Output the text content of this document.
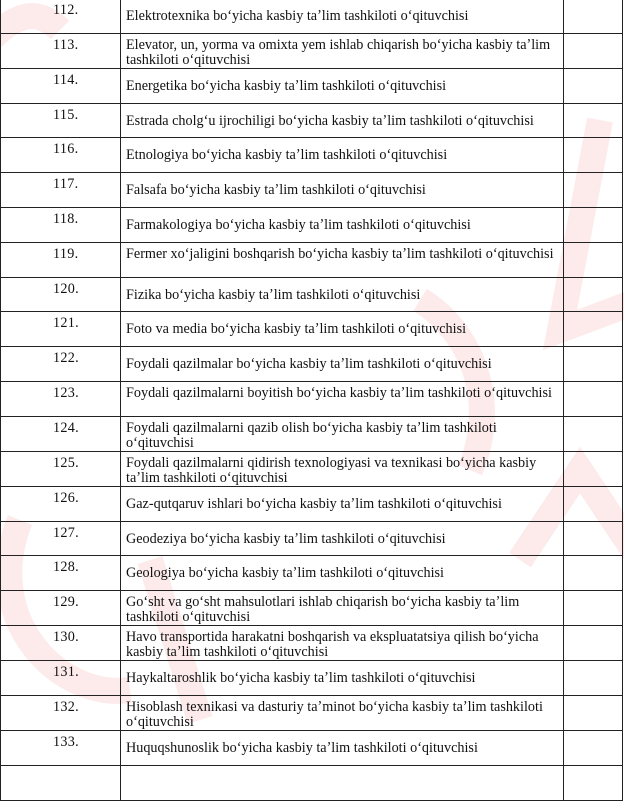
112.	Elektrotexnika boʻyicha kasbiy taʼlim tashkiloti oʻqituvchisi	

113.	Elevator, un, yorma va omixta yem ishlab chiqarish boʻyicha kasbiy taʼlim tashkiloti oʻqituvchisi	

114.	Energetika boʻyicha kasbiy taʼlim tashkiloti oʻqituvchisi	

115.	Estrada cholgʻu ijrochiligi boʻyicha kasbiy taʼlim tashkiloti oʻqituvchisi	

116.	Etnologiya boʻyicha kasbiy taʼlim tashkiloti oʻqituvchisi	

117.	Falsafa boʻyicha kasbiy taʼlim tashkiloti oʻqituvchisi	

118.	Farmakologiya boʻyicha kasbiy taʼlim tashkiloti oʻqituvchisi	

119.	Fermer xoʻjaligini boshqarish boʻyicha kasbiy taʼlim tashkiloti oʻqituvchisi	

120.	Fizika boʻyicha kasbiy taʼlim tashkiloti oʻqituvchisi	

121.	Foto va media boʻyicha kasbiy taʼlim tashkiloti oʻqituvchisi	

122.	Foydali qazilmalar boʻyicha kasbiy taʼlim tashkiloti oʻqituvchisi	

123.	Foydali qazilmalarni boyitish boʻyicha kasbiy taʼlim tashkiloti oʻqituvchisi	

124.	Foydali qazilmalarni qazib olish boʻyicha kasbiy taʼlim tashkiloti oʻqituvchisi	

125.	Foydali qazilmalarni qidirish texnologiyasi va texnikasi boʻyicha kasbiy taʼlim tashkiloti oʻqituvchisi	

126.	Gaz-qutqaruv ishlari boʻyicha kasbiy taʼlim tashkiloti oʻqituvchisi	

127.	Geodeziya boʻyicha kasbiy taʼlim tashkiloti oʻqituvchisi	

128.	Geologiya boʻyicha kasbiy taʼlim tashkiloti oʻqituvchisi	

129.	Goʻsht va goʻsht mahsulotlari ishlab chiqarish boʻyicha kasbiy taʼlim tashkiloti oʻqituvchisi	

130.	Havo transportida harakatni boshqarish va ekspluatatsiya qilish boʻyicha kasbiy taʼlim tashkiloti oʻqituvchisi	

131.	Haykaltaroshlik boʻyicha kasbiy taʼlim tashkiloti oʻqituvchisi	

132.	Hisoblash texnikasi va dasturiy taʼminot boʻyicha kasbiy taʼlim tashkiloti oʻqituvchisi	

133.	Huquqshunoslik boʻyicha kasbiy taʼlim tashkiloti oʻqituvchisi	
